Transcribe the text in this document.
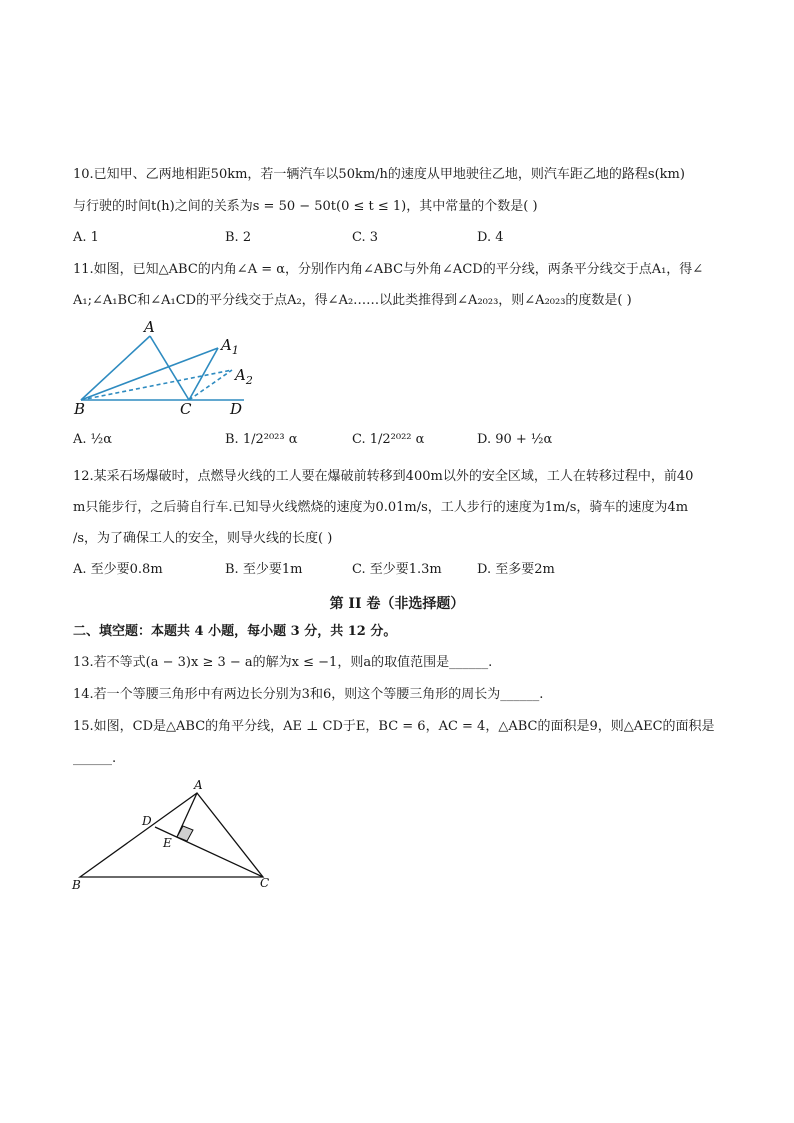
10.已知甲、乙两地相距50km，若一辆汽车以50km/h的速度从甲地驶往乙地，则汽车距乙地的路程s(km)
与行驶的时间t(h)之间的关系为s = 50 − 50t(0 ≤ t ≤ 1)，其中常量的个数是( )
A. 1	B. 2	C. 3	D. 4
11.如图，已知△ABC的内角∠A = α，分别作内角∠ABC与外角∠ACD的平分线，两条平分线交于点A₁，得∠
A₁;∠A₁BC和∠A₁CD的平分线交于点A₂，得∠A₂……以此类推得到∠A₂₀₂₃，则∠A₂₀₂₃的度数是( )
A
$A_1$
$A_2$
B	C	D
A. ½α	B. 1/2²⁰²³ α	C. 1/2²⁰²² α	D. 90 + ½α
12.某采石场爆破时，点燃导火线的工人要在爆破前转移到400m以外的安全区域，工人在转移过程中，前40
m只能步行，之后骑自行车.已知导火线燃烧的速度为0.01m/s，工人步行的速度为1m/s，骑车的速度为4m
/s，为了确保工人的安全，则导火线的长度( )
A. 至少要0.8m	B. 至少要1m	C. 至少要1.3m	D. 至多要2m
第 II 卷（非选择题）
二、填空题：本题共 4 小题，每小题 3 分，共 12 分。
13.若不等式(a − 3)x ≥ 3 − a的解为x ≤ −1，则a的取值范围是______.
14.若一个等腰三角形中有两边长分别为3和6，则这个等腰三角形的周长为______.
15.如图，CD是△ABC的角平分线，AE ⊥ CD于E，BC = 6，AC = 4，△ABC的面积是9，则△AEC的面积是
______.
A
B	C
D
E
